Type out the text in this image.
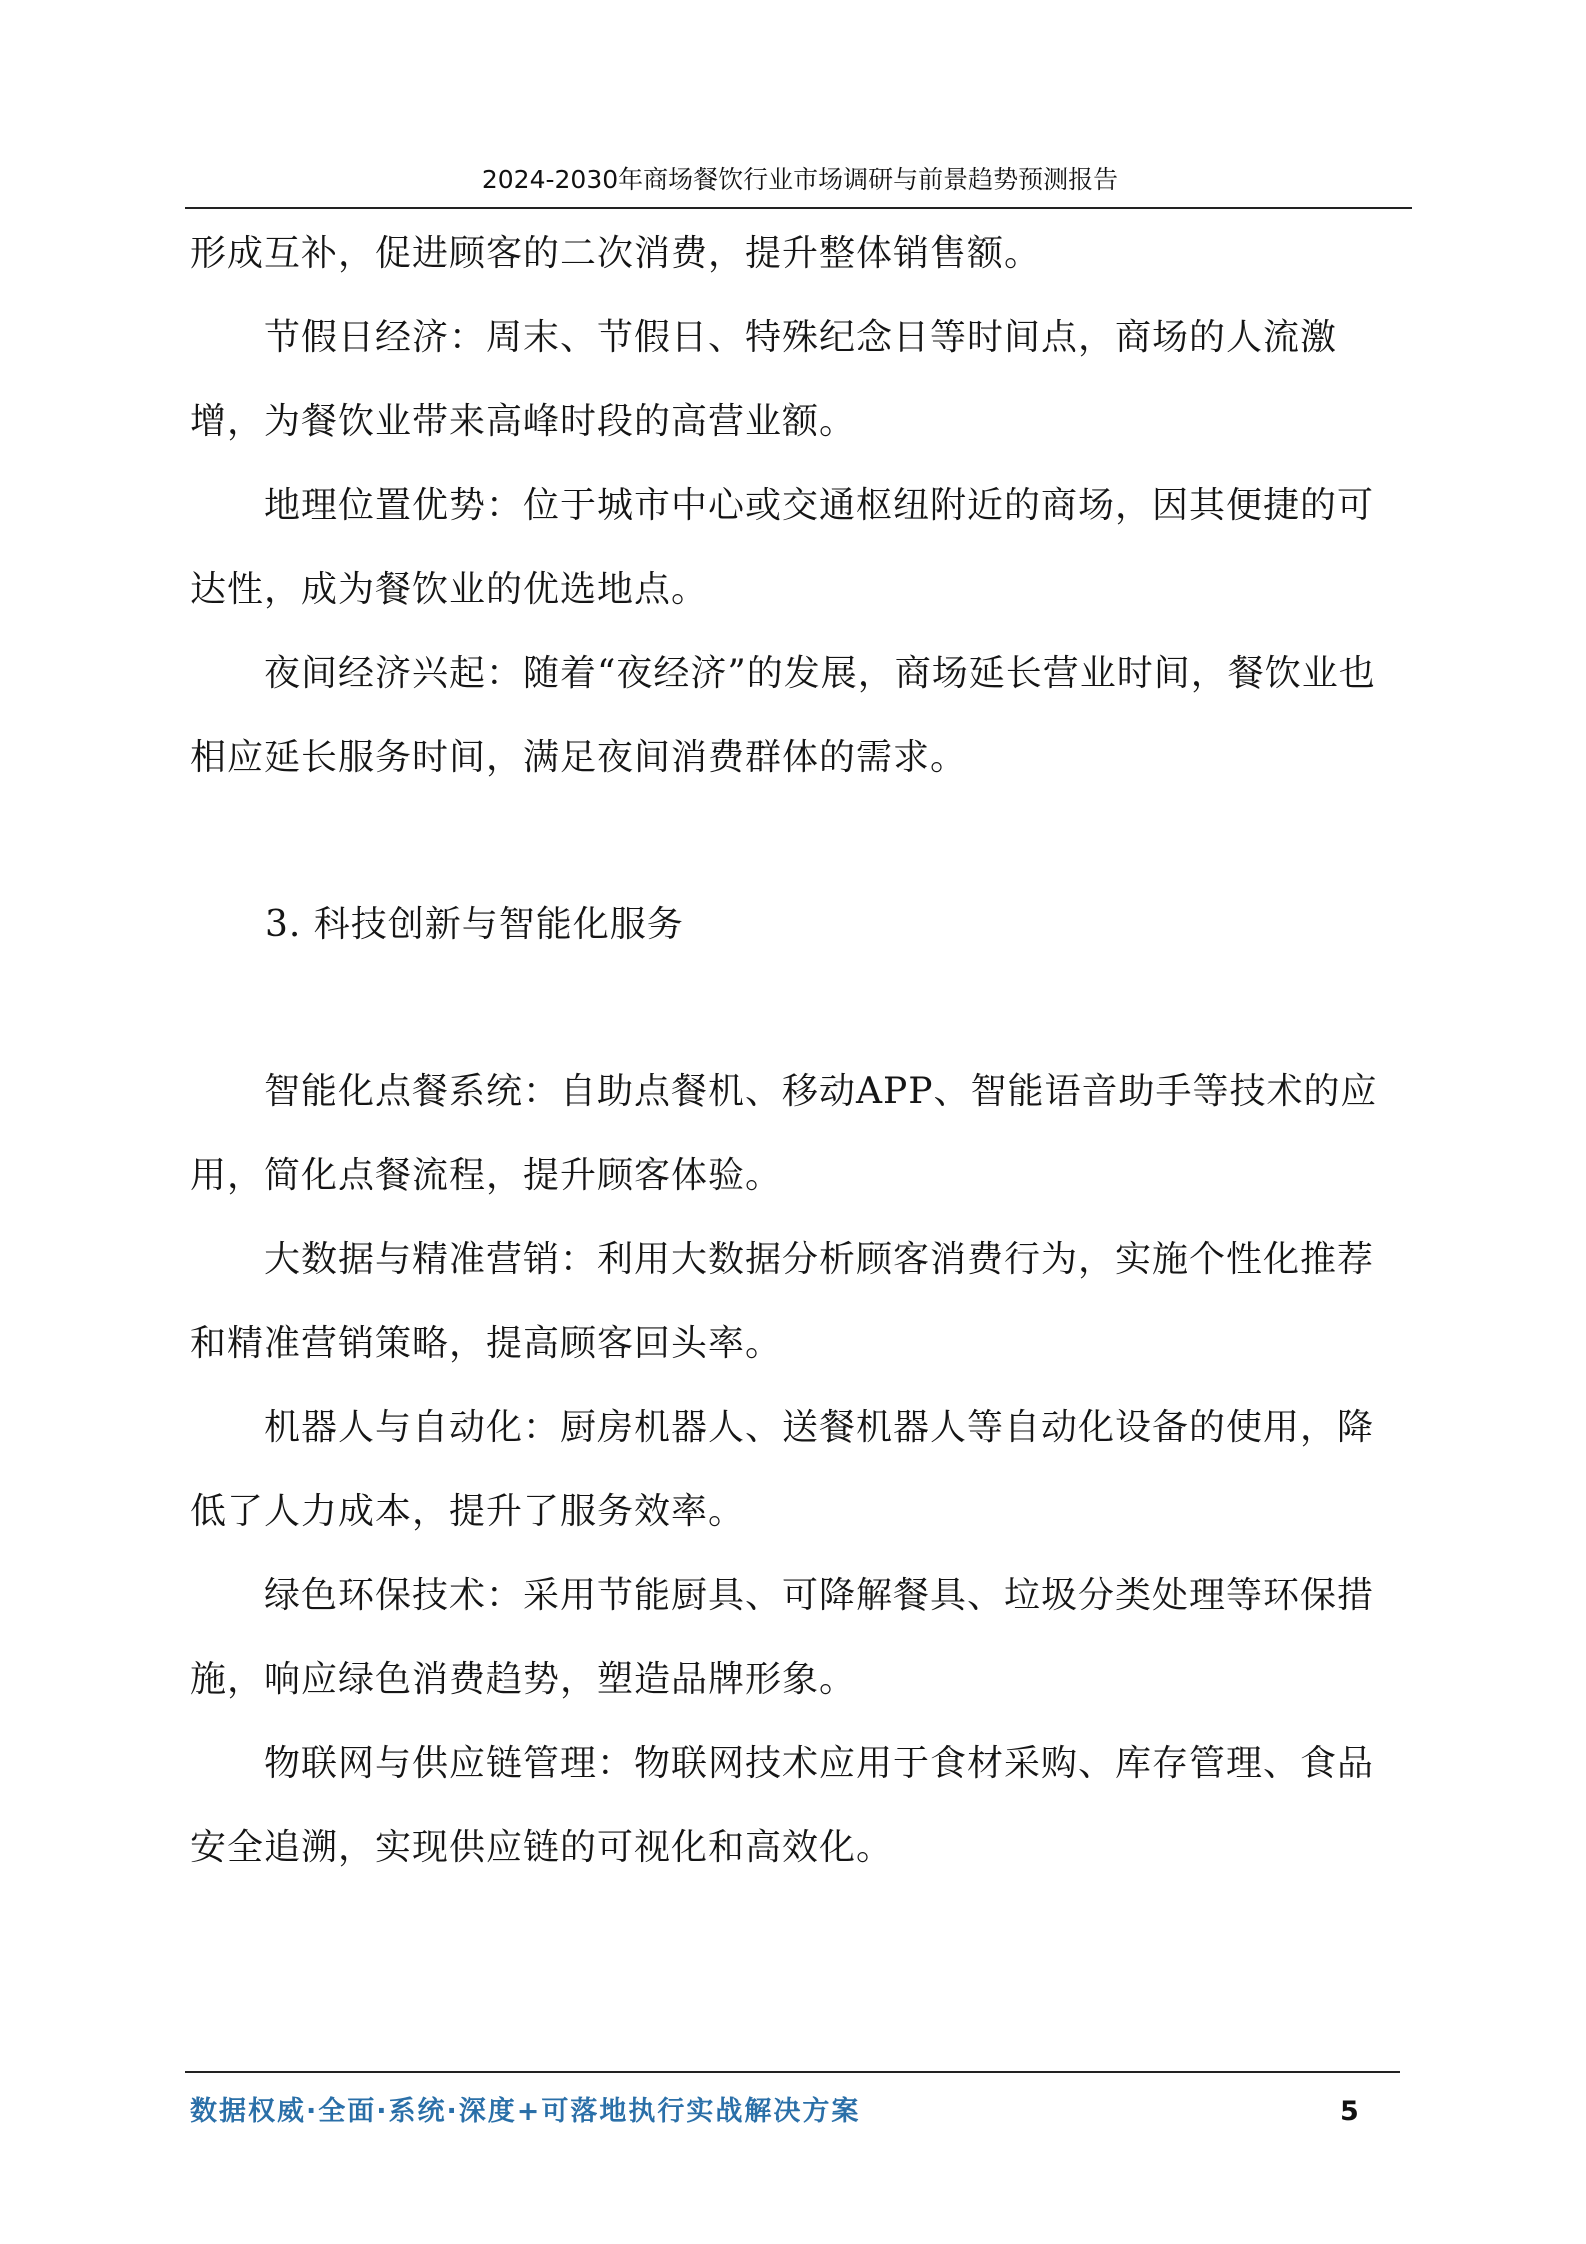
2024-2030年商场餐饮行业市场调研与前景趋势预测报告

形成互补，促进顾客的二次消费，提升整体销售额。

　　节假日经济：周末、节假日、特殊纪念日等时间点，商场的人流激增，为餐饮业带来高峰时段的高营业额。

　　地理位置优势：位于城市中心或交通枢纽附近的商场，因其便捷的可达性，成为餐饮业的优选地点。

　　夜间经济兴起：随着“夜经济”的发展，商场延长营业时间，餐饮业也相应延长服务时间，满足夜间消费群体的需求。

3. 科技创新与智能化服务

　　智能化点餐系统：自助点餐机、移动APP、智能语音助手等技术的应用，简化点餐流程，提升顾客体验。

　　大数据与精准营销：利用大数据分析顾客消费行为，实施个性化推荐和精准营销策略，提高顾客回头率。

　　机器人与自动化：厨房机器人、送餐机器人等自动化设备的使用，降低了人力成本，提升了服务效率。

　　绿色环保技术：采用节能厨具、可降解餐具、垃圾分类处理等环保措施，响应绿色消费趋势，塑造品牌形象。

　　物联网与供应链管理：物联网技术应用于食材采购、库存管理、食品安全追溯，实现供应链的可视化和高效化。

数据权威·全面·系统·深度+可落地执行实战解决方案	5
